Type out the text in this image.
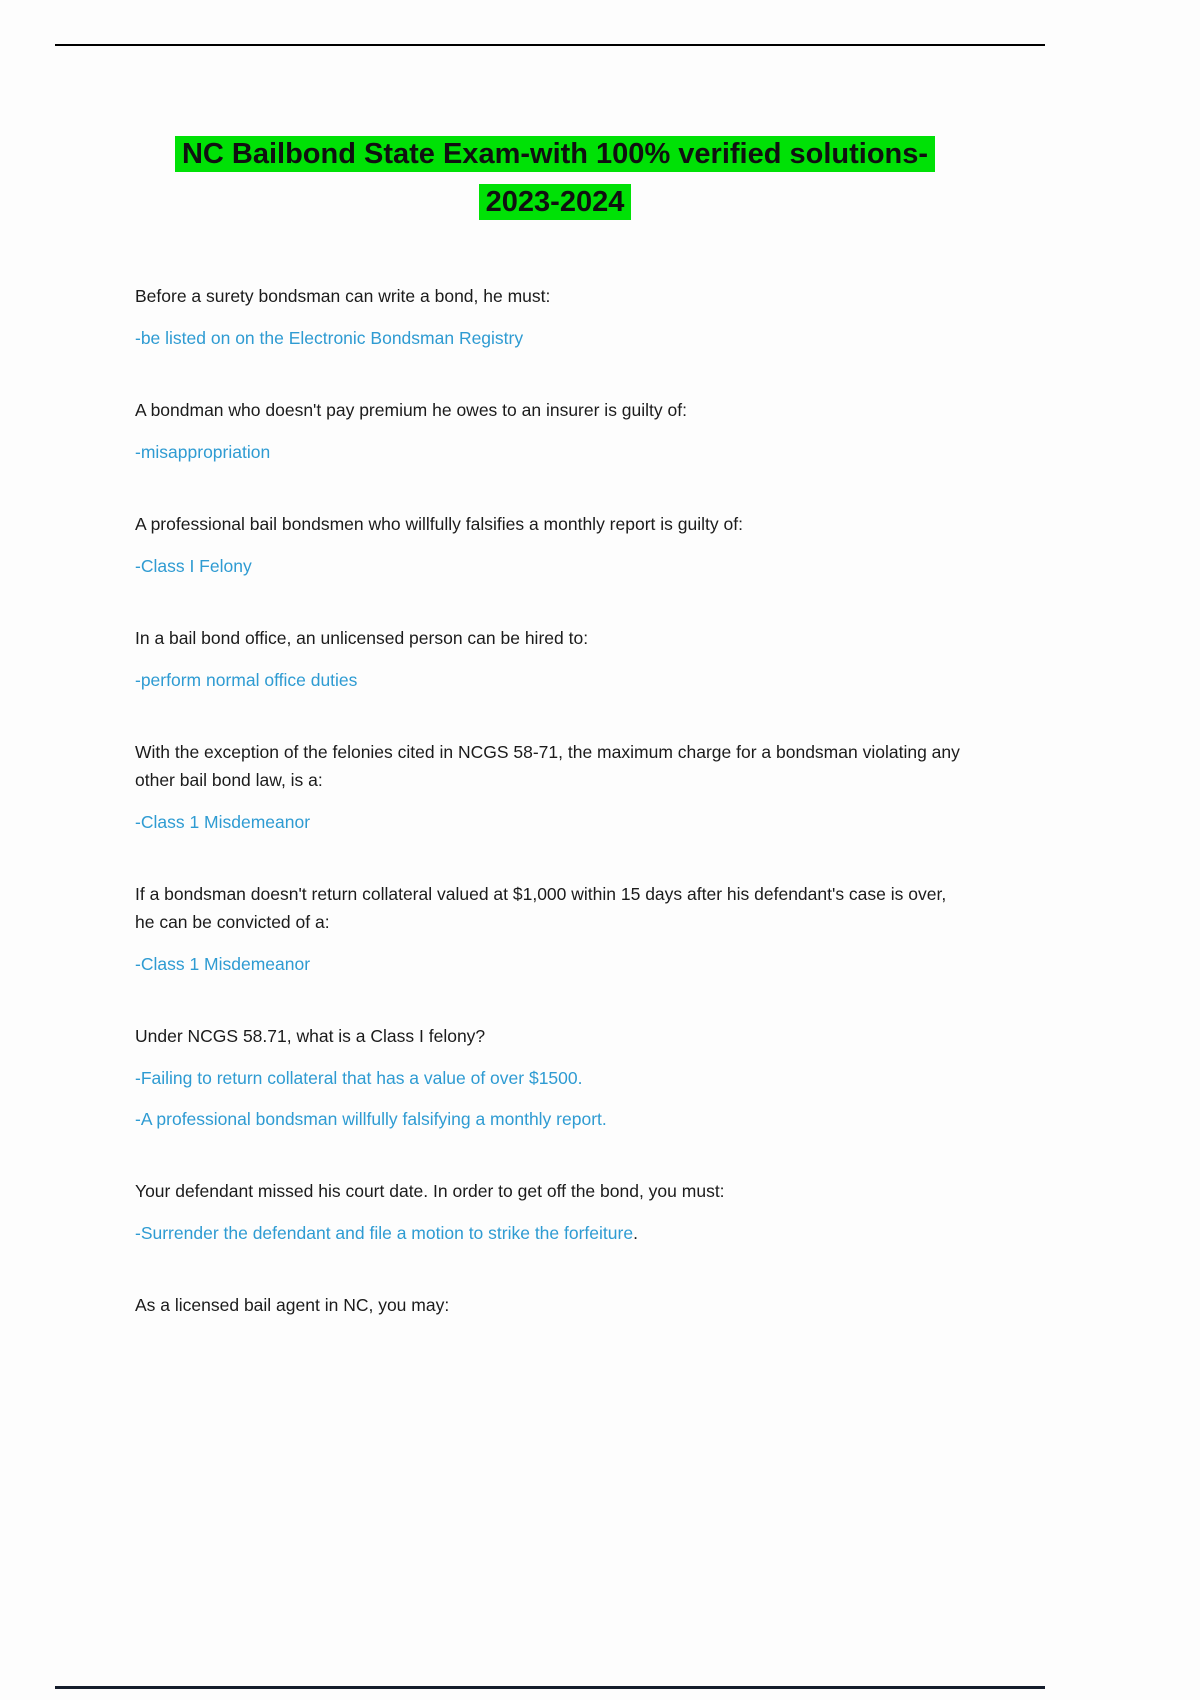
NC Bailbond State Exam-with 100% verified solutions-
2023-2024

Before a surety bondsman can write a bond, he must:

-be listed on on the Electronic Bondsman Registry

A bondman who doesn't pay premium he owes to an insurer is guilty of:

-misappropriation

A professional bail bondsmen who willfully falsifies a monthly report is guilty of:

-Class I Felony

In a bail bond office, an unlicensed person can be hired to:

-perform normal office duties

With the exception of the felonies cited in NCGS 58-71, the maximum charge for a bondsman violating any other bail bond law, is a:

-Class 1 Misdemeanor

If a bondsman doesn't return collateral valued at $1,000 within 15 days after his defendant's case is over, he can be convicted of a:

-Class 1 Misdemeanor

Under NCGS 58.71, what is a Class I felony?

-Failing to return collateral that has a value of over $1500.

-A professional bondsman willfully falsifying a monthly report.

Your defendant missed his court date. In order to get off the bond, you must:

-Surrender the defendant and file a motion to strike the forfeiture.

As a licensed bail agent in NC, you may:
